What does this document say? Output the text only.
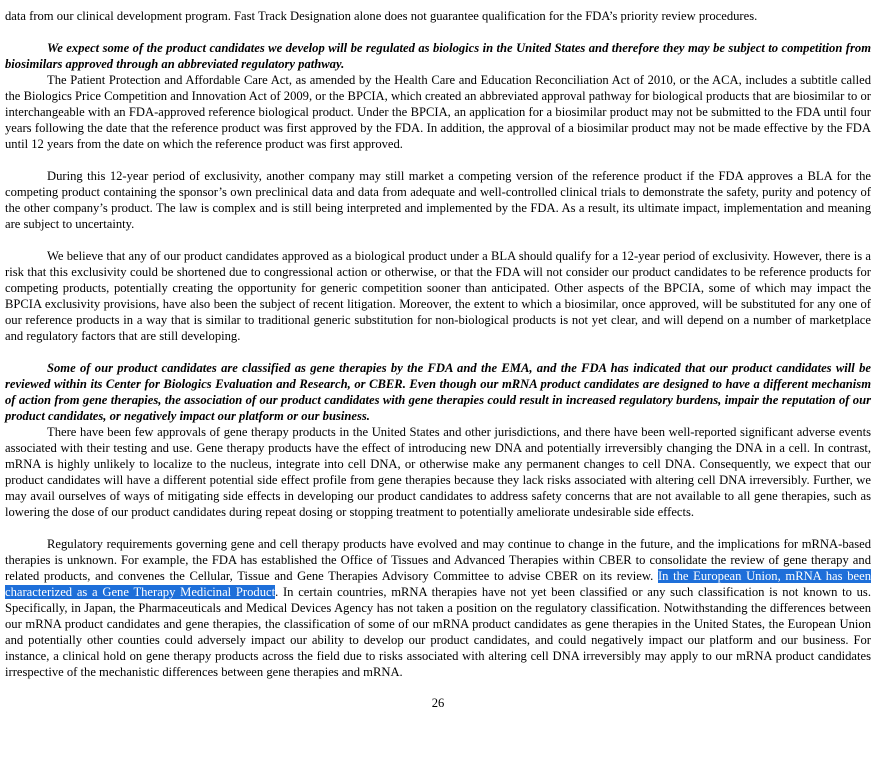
data from our clinical development program. Fast Track Designation alone does not guarantee qualification for the FDA’s priority review procedures.

We expect some of the product candidates we develop will be regulated as biologics in the United States and therefore they may be subject to competition from biosimilars approved through an abbreviated regulatory pathway.

The Patient Protection and Affordable Care Act, as amended by the Health Care and Education Reconciliation Act of 2010, or the ACA, includes a subtitle called the Biologics Price Competition and Innovation Act of 2009, or the BPCIA, which created an abbreviated approval pathway for biological products that are biosimilar to or interchangeable with an FDA-approved reference biological product. Under the BPCIA, an application for a biosimilar product may not be submitted to the FDA until four years following the date that the reference product was first approved by the FDA. In addition, the approval of a biosimilar product may not be made effective by the FDA until 12 years from the date on which the reference product was first approved.

During this 12-year period of exclusivity, another company may still market a competing version of the reference product if the FDA approves a BLA for the competing product containing the sponsor’s own preclinical data and data from adequate and well-controlled clinical trials to demonstrate the safety, purity and potency of the other company’s product. The law is complex and is still being interpreted and implemented by the FDA. As a result, its ultimate impact, implementation and meaning are subject to uncertainty.

We believe that any of our product candidates approved as a biological product under a BLA should qualify for a 12-year period of exclusivity. However, there is a risk that this exclusivity could be shortened due to congressional action or otherwise, or that the FDA will not consider our product candidates to be reference products for competing products, potentially creating the opportunity for generic competition sooner than anticipated. Other aspects of the BPCIA, some of which may impact the BPCIA exclusivity provisions, have also been the subject of recent litigation. Moreover, the extent to which a biosimilar, once approved, will be substituted for any one of our reference products in a way that is similar to traditional generic substitution for non-biological products is not yet clear, and will depend on a number of marketplace and regulatory factors that are still developing.

Some of our product candidates are classified as gene therapies by the FDA and the EMA, and the FDA has indicated that our product candidates will be reviewed within its Center for Biologics Evaluation and Research, or CBER. Even though our mRNA product candidates are designed to have a different mechanism of action from gene therapies, the association of our product candidates with gene therapies could result in increased regulatory burdens, impair the reputation of our product candidates, or negatively impact our platform or our business.

There have been few approvals of gene therapy products in the United States and other jurisdictions, and there have been well-reported significant adverse events associated with their testing and use. Gene therapy products have the effect of introducing new DNA and potentially irreversibly changing the DNA in a cell. In contrast, mRNA is highly unlikely to localize to the nucleus, integrate into cell DNA, or otherwise make any permanent changes to cell DNA. Consequently, we expect that our product candidates will have a different potential side effect profile from gene therapies because they lack risks associated with altering cell DNA irreversibly. Further, we may avail ourselves of ways of mitigating side effects in developing our product candidates to address safety concerns that are not available to all gene therapies, such as lowering the dose of our product candidates during repeat dosing or stopping treatment to potentially ameliorate undesirable side effects.

Regulatory requirements governing gene and cell therapy products have evolved and may continue to change in the future, and the implications for mRNA-based therapies is unknown. For example, the FDA has established the Office of Tissues and Advanced Therapies within CBER to consolidate the review of gene therapy and related products, and convenes the Cellular, Tissue and Gene Therapies Advisory Committee to advise CBER on its review. In the European Union, mRNA has been characterized as a Gene Therapy Medicinal Product. In certain countries, mRNA therapies have not yet been classified or any such classification is not known to us. Specifically, in Japan, the Pharmaceuticals and Medical Devices Agency has not taken a position on the regulatory classification. Notwithstanding the differences between our mRNA product candidates and gene therapies, the classification of some of our mRNA product candidates as gene therapies in the United States, the European Union and potentially other counties could adversely impact our ability to develop our product candidates, and could negatively impact our platform and our business. For instance, a clinical hold on gene therapy products across the field due to risks associated with altering cell DNA irreversibly may apply to our mRNA product candidates irrespective of the mechanistic differences between gene therapies and mRNA.

26
